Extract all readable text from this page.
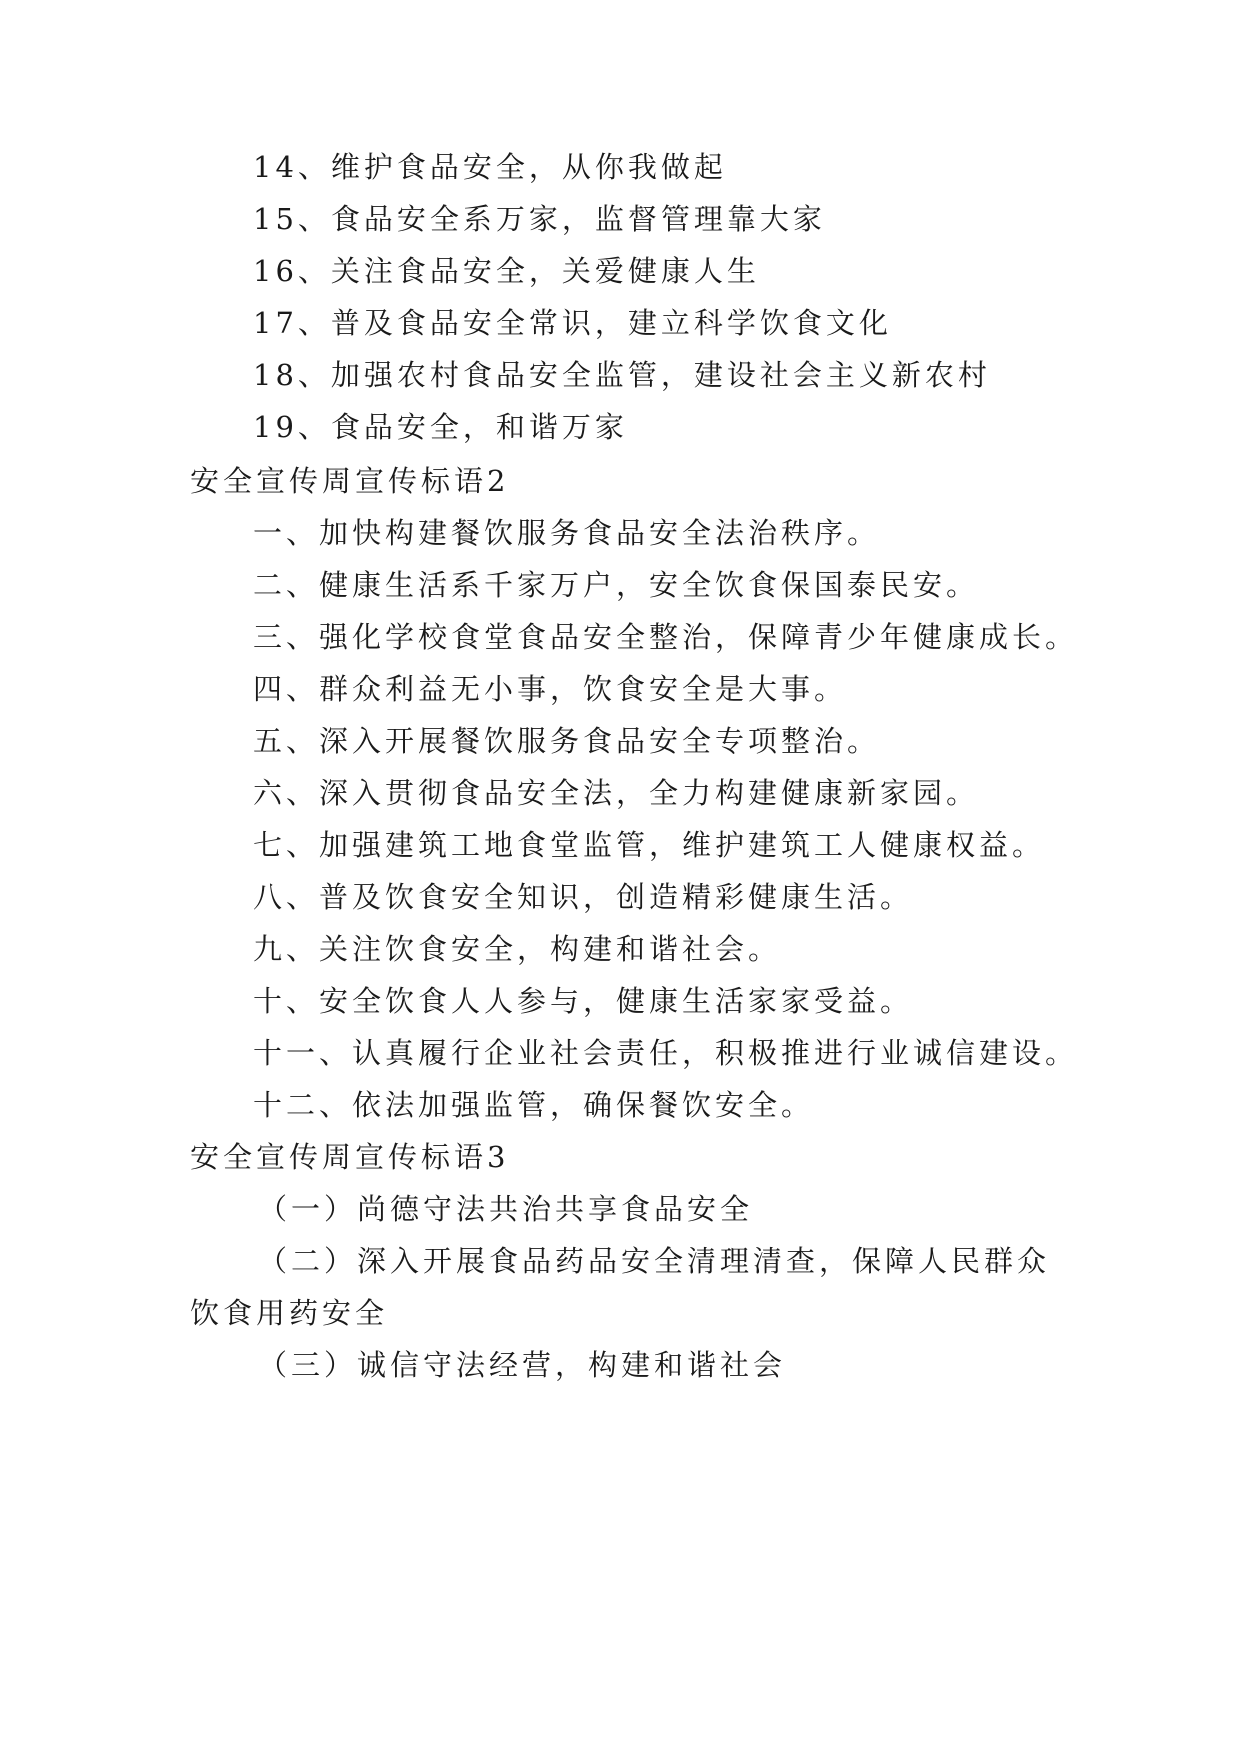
14、维护食品安全，从你我做起
15、食品安全系万家，监督管理靠大家
16、关注食品安全，关爱健康人生
17、普及食品安全常识，建立科学饮食文化
18、加强农村食品安全监管，建设社会主义新农村
19、食品安全，和谐万家
安全宣传周宣传标语2
一、加快构建餐饮服务食品安全法治秩序。
二、健康生活系千家万户，安全饮食保国泰民安。
三、强化学校食堂食品安全整治，保障青少年健康成长。
四、群众利益无小事，饮食安全是大事。
五、深入开展餐饮服务食品安全专项整治。
六、深入贯彻食品安全法，全力构建健康新家园。
七、加强建筑工地食堂监管，维护建筑工人健康权益。
八、普及饮食安全知识，创造精彩健康生活。
九、关注饮食安全，构建和谐社会。
十、安全饮食人人参与，健康生活家家受益。
十一、认真履行企业社会责任，积极推进行业诚信建设。
十二、依法加强监管，确保餐饮安全。
安全宣传周宣传标语3
（一）尚德守法共治共享食品安全
（二）深入开展食品药品安全清理清查，保障人民群众
饮食用药安全
（三）诚信守法经营，构建和谐社会
